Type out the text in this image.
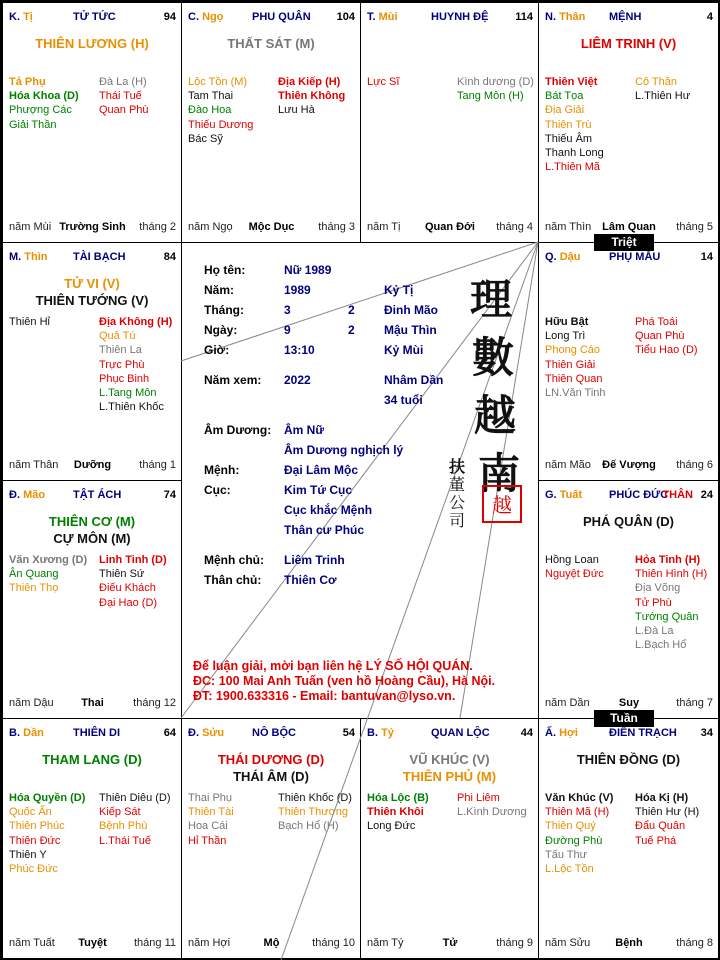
K. Tị	TỬ TỨC	94
THIÊN LƯƠNG (H)
Tả Phụ
Hóa Khoa (D)
Phượng Các
Giải Thần
Đà La (H)
Thái Tuế
Quan Phù
năm Mùi Trường Sinh tháng 2
C. Ngọ	PHU QUÂN 104
THẤT SÁT (M)
Lộc Tồn (M)
Tam Thai
Đào Hoa
Thiếu Dương
Bác Sỹ
Địa Kiếp (H)
Thiên Không
Lưu Hà
năm Ngọ Mộc Dục tháng 3
T. Mùi	HUYNH ĐỆ 114
Lực Sĩ	Kình dương (D)
Tang Môn (H)
năm Tị Quan Đới tháng 4
N. Thân MỆNH	4
LIÊM TRINH (V)
Thiên Việt
Bát Tọa
Địa Giải
Thiên Trù
Thiếu Âm
Thanh Long
L.Thiên Mã
Cô Thần
L.Thiên Hư
năm Thìn Lâm Quan tháng 5
M. Thìn TÀI BẠCH	84
TỬ VI (V)
THIÊN TƯỚNG (V)
Thiên Hỉ	Địa Không (H)
Quả Tú
Thiên La
Trực Phù
Phục Binh
L.Tang Môn
L.Thiên Khốc
năm Thân Dưỡng	tháng 1
Q. Dậu	PHỤ MẪU	14
Hữu Bật
Long Trì
Phong Cáo
Thiên Giải
Thiên Quan
LN.Văn Tinh
Phá Toái
Quan Phù
Tiểu Hao (D)
năm Mão Đế Vượng tháng 6
Đ. Mão	TẬT ÁCH	74
THIÊN CƠ (M)
CỰ MÔN (M)
Văn Xương (D)
Ân Quang
Thiên Thọ
Linh Tinh (D)
Thiên Sứ
Điếu Khách
Đại Hao (D)
năm Dậu	Thai	tháng 12
G. Tuất PHÚC ĐỨC
THÂN 24
PHÁ QUÂN (D)
Hồng Loan
Nguyệt Đức
Hỏa Tinh (H)
Thiên Hình (H)
Địa Võng
Tử Phù
Tướng Quân
L.Đà La
L.Bạch Hổ
năm Dần	Suy	tháng 7
B. Dần	THIÊN DI	64
THAM LANG (D)
Hóa Quyền (D)
Quốc Ấn
Thiên Phúc
Thiên Đức
Thiên Y
Phúc Đức
Thiên Diêu (D)
Kiếp Sát
Bệnh Phù
L.Thái Tuế
năm Tuất Tuyệt tháng 11
Đ. Sửu	NÔ BỘC	54
THÁI DƯƠNG (D)
THÁI ÂM (D)
Thai Phụ
Thiên Tài
Hoa Cái
Hỉ Thần
Thiên Khốc (D)
Thiên Thương
Bạch Hổ (H)
năm Hợi	Mộ	tháng 10
B. Tý	QUAN LỘC	44
VŨ KHÚC (V)
THIÊN PHỦ (M)
Hóa Lộc (B)
Thiên Khôi
Long Đức
Phi Liêm
L.Kình Dương
năm Tý	Tử	tháng 9
Ấ. Hợi	ĐIỀN TRẠCH 34
THIÊN ĐỒNG (D)
Văn Khúc (V)
Thiên Mã (H)
Thiên Quý
Đường Phù
Tấu Thư
L.Lộc Tồn
Hóa Kị (H)
Thiên Hư (H)
Đẩu Quân
Tuế Phá
năm Sửu Bệnh	tháng 8
Họ tên:	Nữ 1989
Năm:	1989	Kỷ Tị
Tháng:	3	2 Đinh Mão
Ngày:	9	2 Mậu Thìn
Giờ:	13:10	Kỷ Mùi
Năm xem: 2022	Nhâm Dần
34 tuổi
Âm Dương: Âm Nữ
Âm Dương nghịch lý
Mệnh:	Đại Lâm Mộc
Cục:	Kim Tứ Cục
Cục khắc Mệnh
Thân cư Phúc
Mệnh chủ: Liêm Trinh
Thân chủ: Thiên Cơ
Để luận giải, mời bạn liên hệ LÝ SỐ HỘI QUÁN.
ĐC: 100 Mai Anh Tuấn (ven hồ Hoàng Cầu), Hà Nội.
ĐT: 1900.633316 - Email: bantuvan@lyso.vn.
理
數
越
南
扶
董
公
司
越
Triệt
Tuần
